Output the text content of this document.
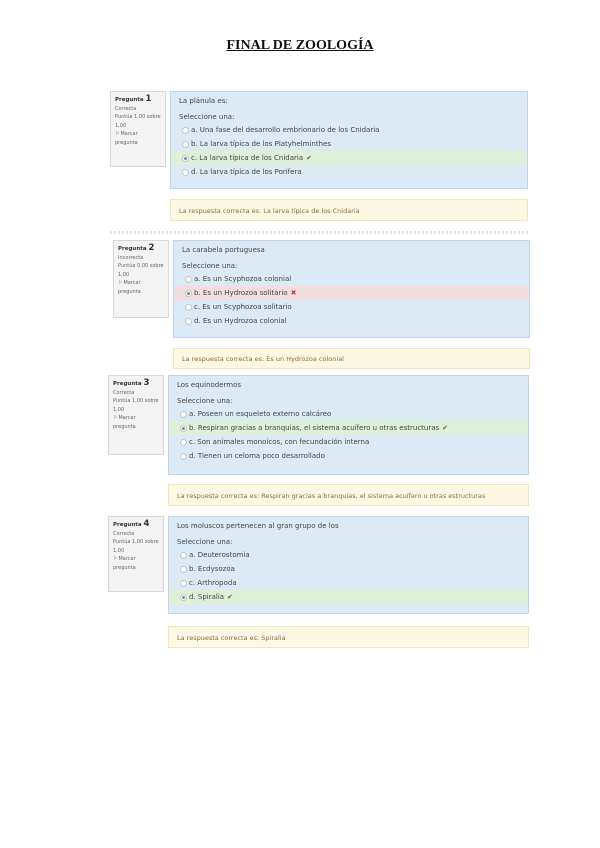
FINAL DE ZOOLOGÍA
Pregunta 1
Correcta
Puntúa 1,00 sobre 1,00
⚐Marcar pregunta
La plánula es:
Seleccione una:
a. Una fase del desarrollo embrionario de los Cnidaria
b. La larva típica de los Platyhelminthes
c. La larva típica de los Cnidaria ✔
d. La larva típica de los Porifera
La respuesta correcta es: La larva típica de los Cnidaria
Pregunta 2
Incorrecta
Puntúa 0,00 sobre 1,00
⚐Marcar pregunta
La carabela portuguesa
Seleccione una:
a. Es un Scyphozoa colonial
b. Es un Hydrozoa solitario ✖
c. Es un Scyphozoa solitario
d. Es un Hydrozoa colonial
La respuesta correcta es: Es un Hydrozoa colonial
Pregunta 3
Correcta
Puntúa 1,00 sobre 1,00
⚐Marcar pregunta
Los equinodermos
Seleccione una:
a. Poseen un esqueleto externo calcáreo
b. Respiran gracias a branquias, el sistema acuífero u otras estructuras ✔
c. Son animales monoicos, con fecundación interna
d. Tienen un celoma poco desarrollado
La respuesta correcta es: Respiran gracias a branquias, el sistema acuífero u otras estructuras
Pregunta 4
Correcta
Puntúa 1,00 sobre 1,00
⚐Marcar pregunta
Los moluscos pertenecen al gran grupo de los
Seleccione una:
a. Deuterostomia
b. Ecdysozoa
c. Arthropoda
d. Spiralia ✔
La respuesta correcta es: Spiralia
